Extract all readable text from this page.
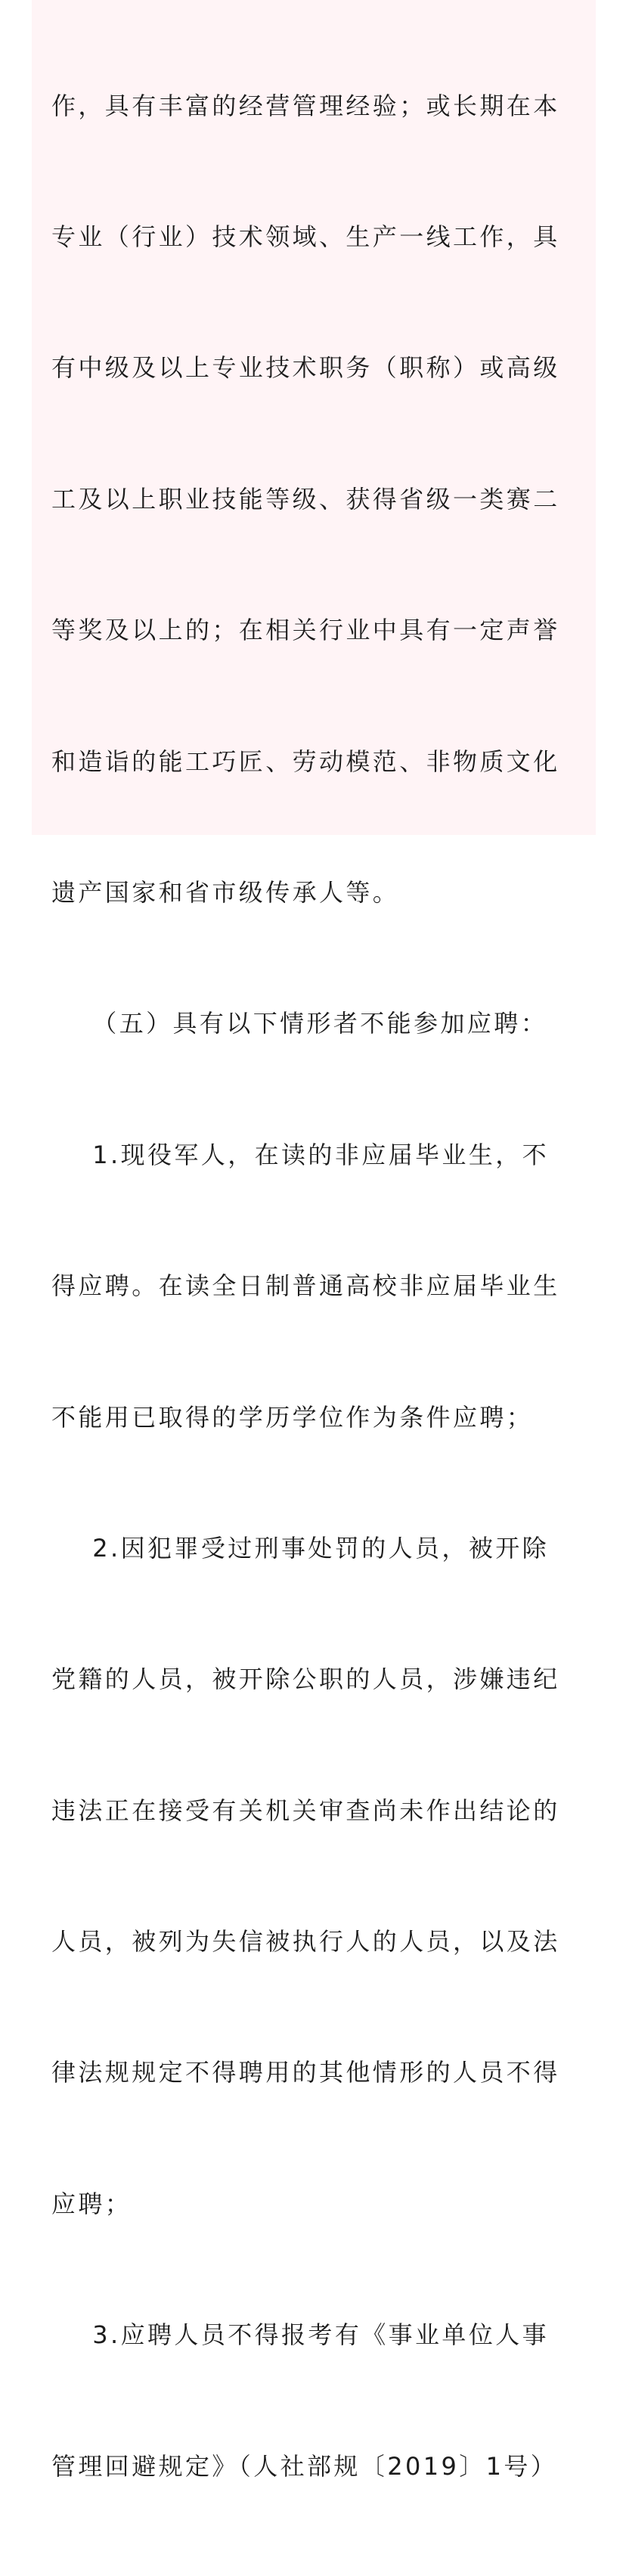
作，具有丰富的经营管理经验；或长期在本

专业（行业）技术领域、生产一线工作，具

有中级及以上专业技术职务（职称）或高级

工及以上职业技能等级、获得省级一类赛二

等奖及以上的；在相关行业中具有一定声誉

和造诣的能工巧匠、劳动模范、非物质文化

遗产国家和省市级传承人等。

（五）具有以下情形者不能参加应聘：

1.现役军人，在读的非应届毕业生，不

得应聘。在读全日制普通高校非应届毕业生

不能用已取得的学历学位作为条件应聘；

2.因犯罪受过刑事处罚的人员，被开除

党籍的人员，被开除公职的人员，涉嫌违纪

违法正在接受有关机关审查尚未作出结论的

人员，被列为失信被执行人的人员，以及法

律法规规定不得聘用的其他情形的人员不得

应聘；

3.应聘人员不得报考有《事业单位人事

管理回避规定》（人社部规〔2019〕1号）
